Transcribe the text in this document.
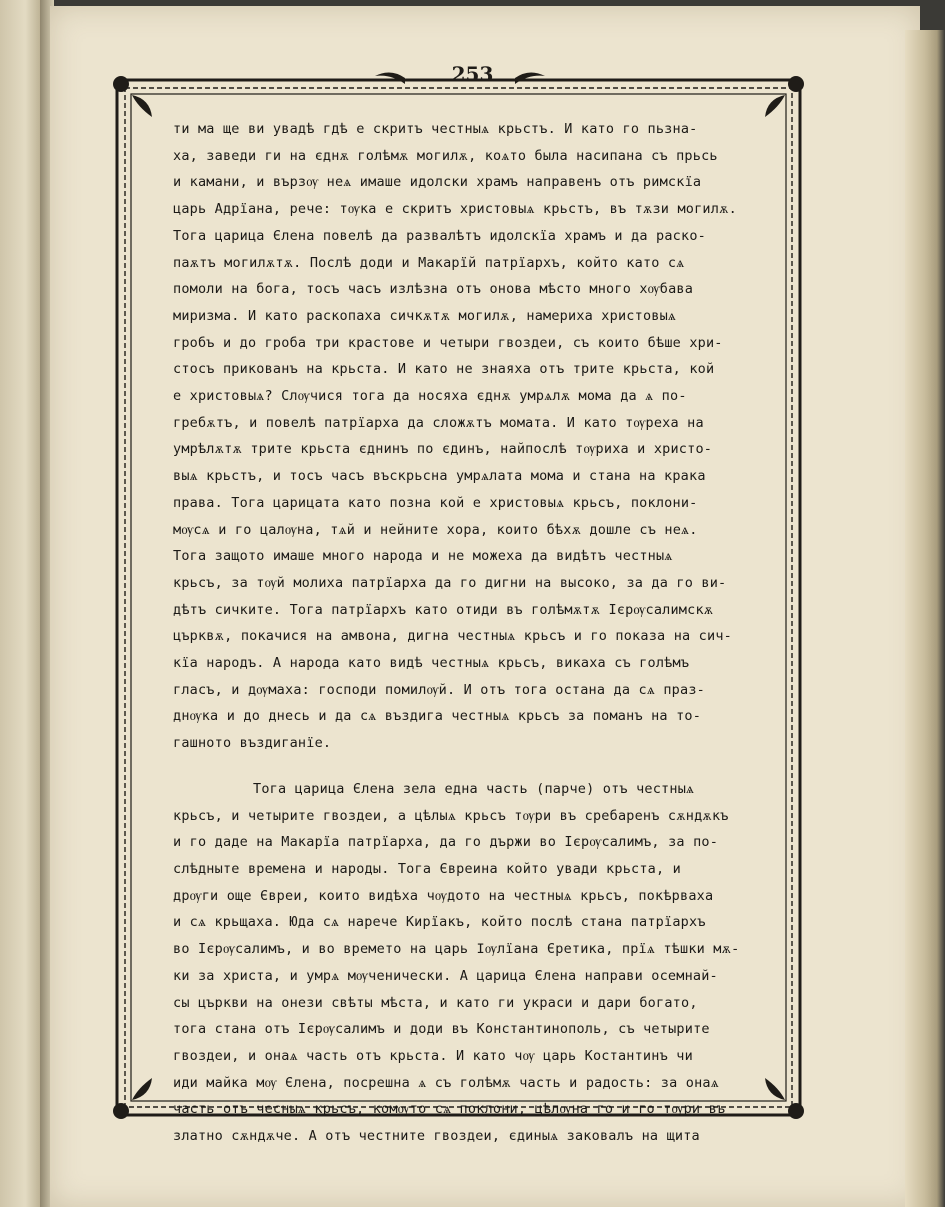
253

ти ма ще ви увадѣ гдѣ е скритъ честныѧ крьстъ. И като го пьзна-

ха, заведи ги на єднѫ голѣмѫ могилѫ, коѧто была насипана съ прьсь

и камани, и вързѹ неѧ имаше идолски храмъ направенъ отъ римскїа

царь Адрїана, рече: тѹка е скритъ христовыѧ крьстъ, въ тѫзи могилѫ.

Тога царица Єлена повелѣ да развалѣтъ идолскїа храмъ и да раско-

паѫтъ могилѫтѫ. Послѣ доди и Макарїй патрїархъ, който като сѧ

помоли на бога, тосъ часъ излѣзна отъ онова мѣсто много хѹбава

миризма. И като раскопаха сичкѫтѫ могилѫ, намериха христовыѧ

гробъ и до гроба три крастове и четыри гвоздеи, съ които бѣше хри-

стосъ прикованъ на крьста. И като не знаяха отъ трите крьста, кой

е христовыѧ? Слѹчися тога да носяха єднѫ умрѧлѫ мома да ѧ по-

гребѫтъ, и повелѣ патрїарха да сложѫтъ момата. И като тѹреха на

умрѣлѫтѫ трите крьста єднинъ по єдинъ, найпослѣ тѹриха и христо-

выѧ крьстъ, и тосъ часъ въскрьсна умрѧлата мома и стана на крака

права. Тога царицата като позна кой е христовыѧ крьсъ, поклони-

мѹсѧ и го цалѹна, тѧй и нейните хора, които бѣхѫ дошле съ неѧ.

Тога защото имаше много народа и не можеха да видѣтъ честныѧ

крьсъ, за тѹй молиха патрїарха да го дигни на высоко, за да го ви-

дѣтъ сичките. Тога патрїархъ като отиди въ голѣмѫтѫ Ієрѹсалимскѫ

църквѫ, покачися на амвона, дигна честныѧ крьсъ и го показа на сич-

кїа народъ. А народа като видѣ честныѧ крьсъ, викаха съ голѣмъ

гласъ, и дѹмаха: господи помилѹй. И отъ тога остана да сѧ праз-

днѹка и до днесь и да сѧ въздига честныѧ крьсъ за поманъ на то-

гашното въздиганїе.

Тога царица Єлена зела една часть (парче) отъ честныѧ

крьсъ, и четырите гвоздеи, а цѣлыѧ крьсъ тѹри въ сребаренъ сѫндѫкъ

и го даде на Макарїа патрїарха, да го държи во Ієрѹсалимъ, за по-

слѣдныте времена и народы. Тога Євреина който увади крьста, и

дрѹги още Євреи, които видѣха чѹдото на честныѧ крьсъ, покѣрваха

и сѧ крьщаха. Юда сѧ нарече Кирїакъ, който послѣ стана патрїархъ

во Ієрѹсалимъ, и во времето на царь Ιѹлїана Єретика, прїѧ тѣшки мѫ-

ки за христа, и умрѧ мѹченически. А царица Єлена направи осемнай-

сы църкви на онези свѣты мѣста, и като ги украси и дари богато,

тога стана отъ Ієрѹсалимъ и доди въ Константинополь, съ четырите

гвоздеи, и онаѧ часть отъ крьста. И като чѹ царь Костантинъ чи

иди майка мѹ Єлена, посрешна ѧ съ голѣмѫ часть и радость: за онаѧ

часть отъ чесныѧ крьсъ, комѹто сѧ поклони, цѣлѹна го и го тѹри въ

златно сѫндѫче. А отъ честните гвоздеи, єдиныѧ заковалъ на щита
